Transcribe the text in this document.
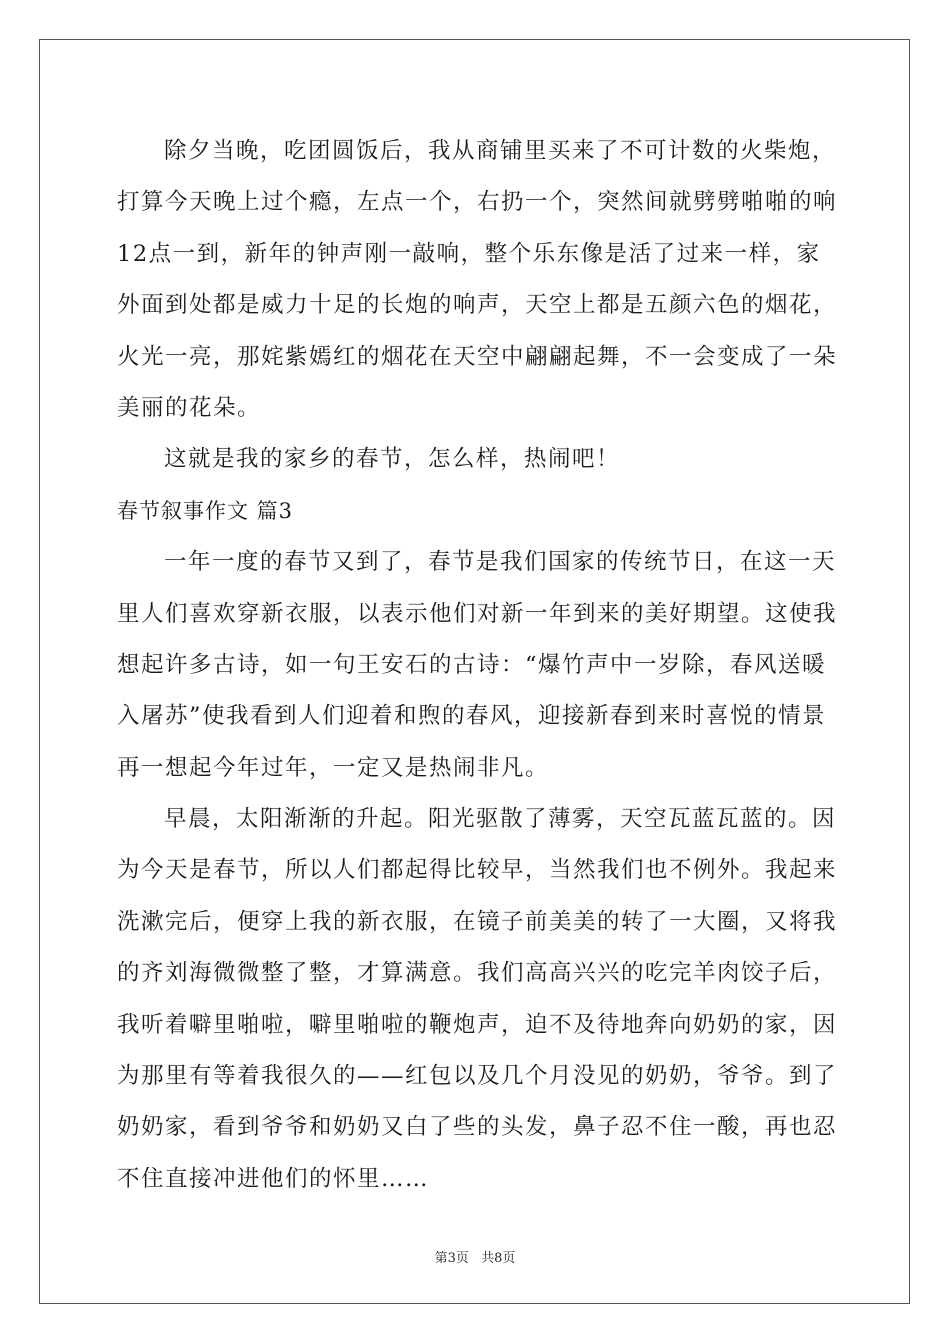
除夕当晚，吃团圆饭后，我从商铺里买来了不可计数的火柴炮，
打算今天晚上过个瘾，左点一个，右扔一个，突然间就劈劈啪啪的响
12点一到，新年的钟声刚一敲响，整个乐东像是活了过来一样，家
外面到处都是威力十足的长炮的响声，天空上都是五颜六色的烟花，
火光一亮，那姹紫嫣红的烟花在天空中翩翩起舞，不一会变成了一朵
美丽的花朵。
这就是我的家乡的春节，怎么样，热闹吧！
春节叙事作文 篇3
一年一度的春节又到了，春节是我们国家的传统节日，在这一天
里人们喜欢穿新衣服，以表示他们对新一年到来的美好期望。这使我
想起许多古诗，如一句王安石的古诗：“爆竹声中一岁除，春风送暖
入屠苏”使我看到人们迎着和煦的春风，迎接新春到来时喜悦的情景
再一想起今年过年，一定又是热闹非凡。
早晨，太阳渐渐的升起。阳光驱散了薄雾，天空瓦蓝瓦蓝的。因
为今天是春节，所以人们都起得比较早，当然我们也不例外。我起来
洗漱完后，便穿上我的新衣服，在镜子前美美的转了一大圈，又将我
的齐刘海微微整了整，才算满意。我们高高兴兴的吃完羊肉饺子后，
我听着噼里啪啦，噼里啪啦的鞭炮声，迫不及待地奔向奶奶的家，因
为那里有等着我很久的——红包以及几个月没见的奶奶，爷爷。到了
奶奶家，看到爷爷和奶奶又白了些的头发，鼻子忍不住一酸，再也忍
不住直接冲进他们的怀里……
第3页 共8页
